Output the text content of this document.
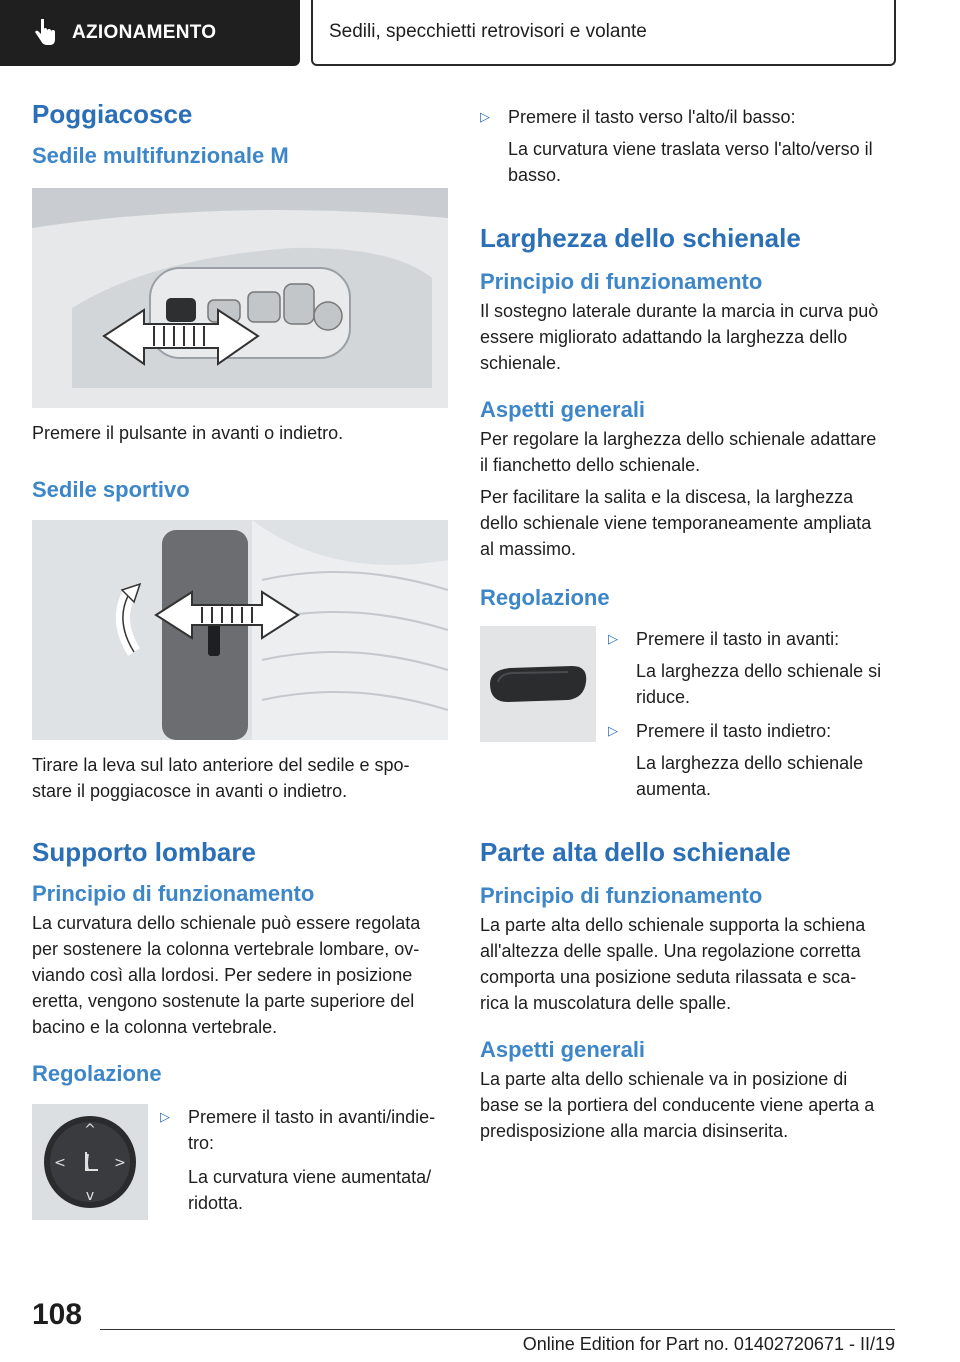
AZIONAMENTO	Sedili, specchietti retrovisori e volante
Poggiacosce
Sedile multifunzionale M
Premere il pulsante in avanti o indietro.
Sedile sportivo
Tirare la leva sul lato anteriore del sedile e spo-
stare il poggiacosce in avanti o indietro.
Supporto lombare
Principio di funzionamento
La curvatura dello schienale può essere regolata
per sostenere la colonna vertebrale lombare, ov-
viando così alla lordosi. Per sedere in posizione
eretta, vengono sostenute la parte superiore del
bacino e la colonna vertebrale.
Regolazione
^
v
<	>
▷	Premere il tasto in avanti/indie-
tro:
La curvatura viene aumentata/
ridotta.
▷	Premere il tasto verso l'alto/il basso:
La curvatura viene traslata verso l'alto/verso il
basso.
Larghezza dello schienale
Principio di funzionamento
Il sostegno laterale durante la marcia in curva può
essere migliorato adattando la larghezza dello
schienale.
Aspetti generali
Per regolare la larghezza dello schienale adattare
il fianchetto dello schienale.
Per facilitare la salita e la discesa, la larghezza
dello schienale viene temporaneamente ampliata
al massimo.
Regolazione
▷	Premere il tasto in avanti:
La larghezza dello schienale si
riduce.
▷	Premere il tasto indietro:
La larghezza dello schienale
aumenta.
Parte alta dello schienale
Principio di funzionamento
La parte alta dello schienale supporta la schiena
all'altezza delle spalle. Una regolazione corretta
comporta una posizione seduta rilassata e sca-
rica la muscolatura delle spalle.
Aspetti generali
La parte alta dello schienale va in posizione di
base se la portiera del conducente viene aperta a
predisposizione alla marcia disinserita.
108
Online Edition for Part no. 01402720671 - II/19
